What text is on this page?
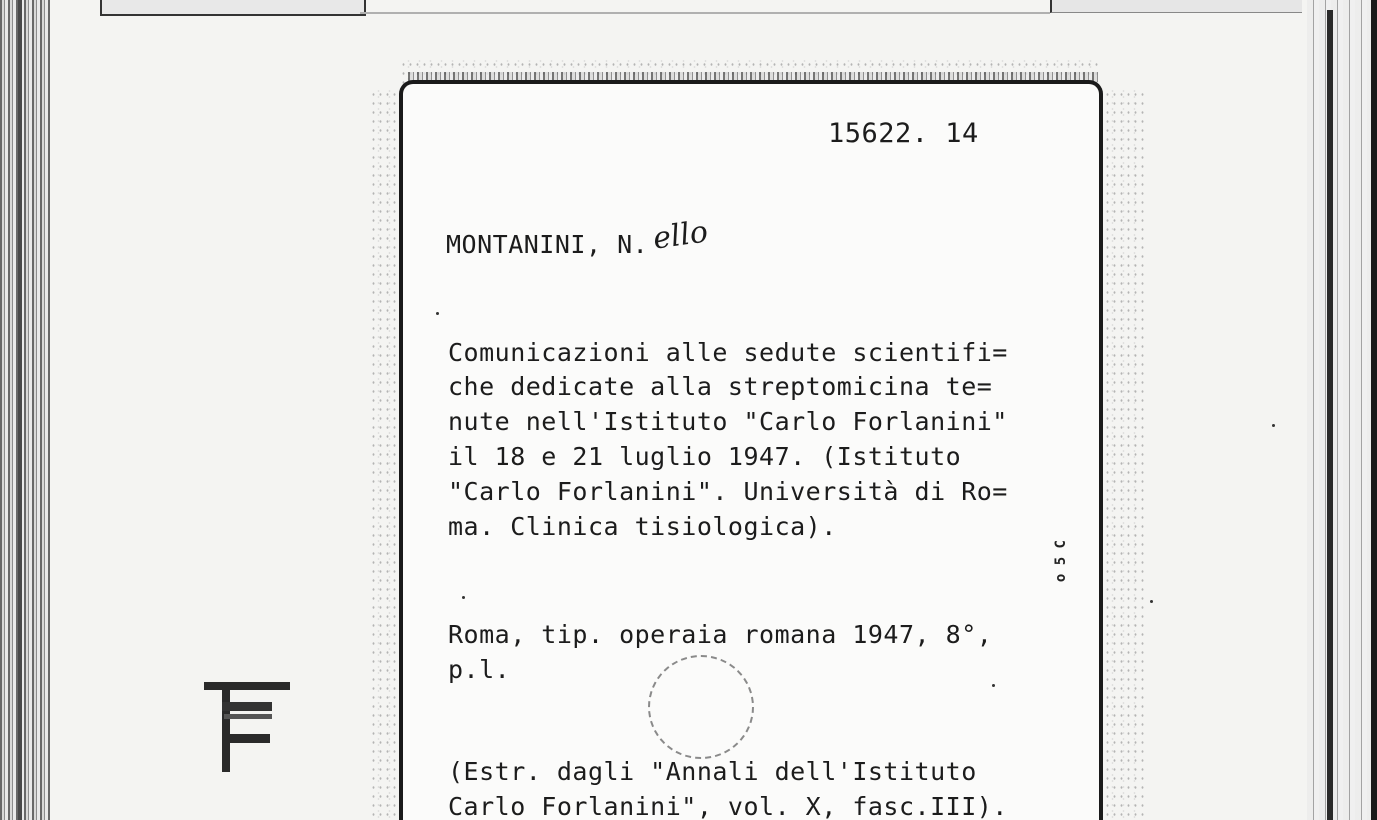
15622. 14
MONTANINI, N. ello
Comunicazioni alle sedute scientifi=
che dedicate alla streptomicina te=
nute nell'Istituto "Carlo Forlanini"
il 18 e 21 luglio 1947. (Istituto
"Carlo Forlanini". Università di Ro=
ma. Clinica tisiologica).
o 5 C
Roma, tip. operaia romana 1947, 8°,
p.l.
(Estr. dagli "Annali dell'Istituto
Carlo Forlanini", vol. X, fasc.III).
